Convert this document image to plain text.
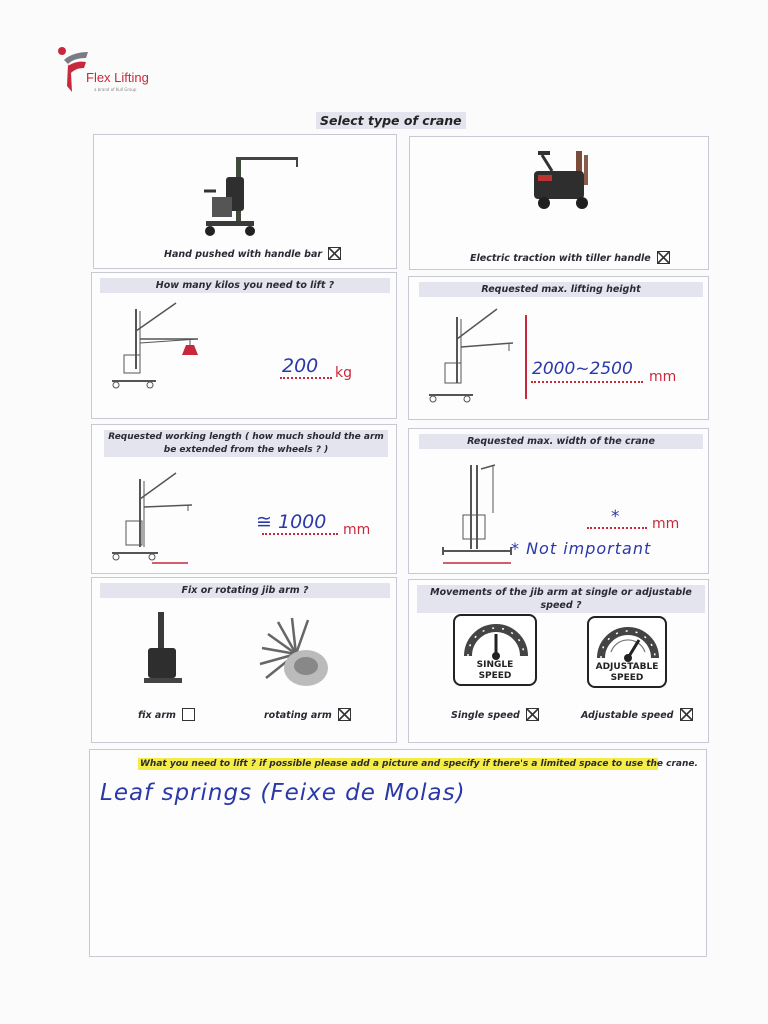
Flex Lifting
a brand of Kull Group
Select type of crane
Hand pushed with handle bar	Electric traction with tiller handle
How many kilos you need to lift ?
200 kg
Requested max. lifting height
2000~2500 mm
Requested working length ( how much should the arm be extended from the wheels ? )
≅ 1000 mm
Requested max. width of the crane
* mm
* Not important
Fix or rotating jib arm ?
fix arm	rotating arm
Movements of the jib arm at single or adjustable speed ?
SINGLE
SPEED
ADJUSTABLE
SPEED
Single speed	Adjustable speed
What you need to lift ? if possible please add a picture and specify if there's a limited space to use the crane.
Leaf springs (Feixe de Molas)
